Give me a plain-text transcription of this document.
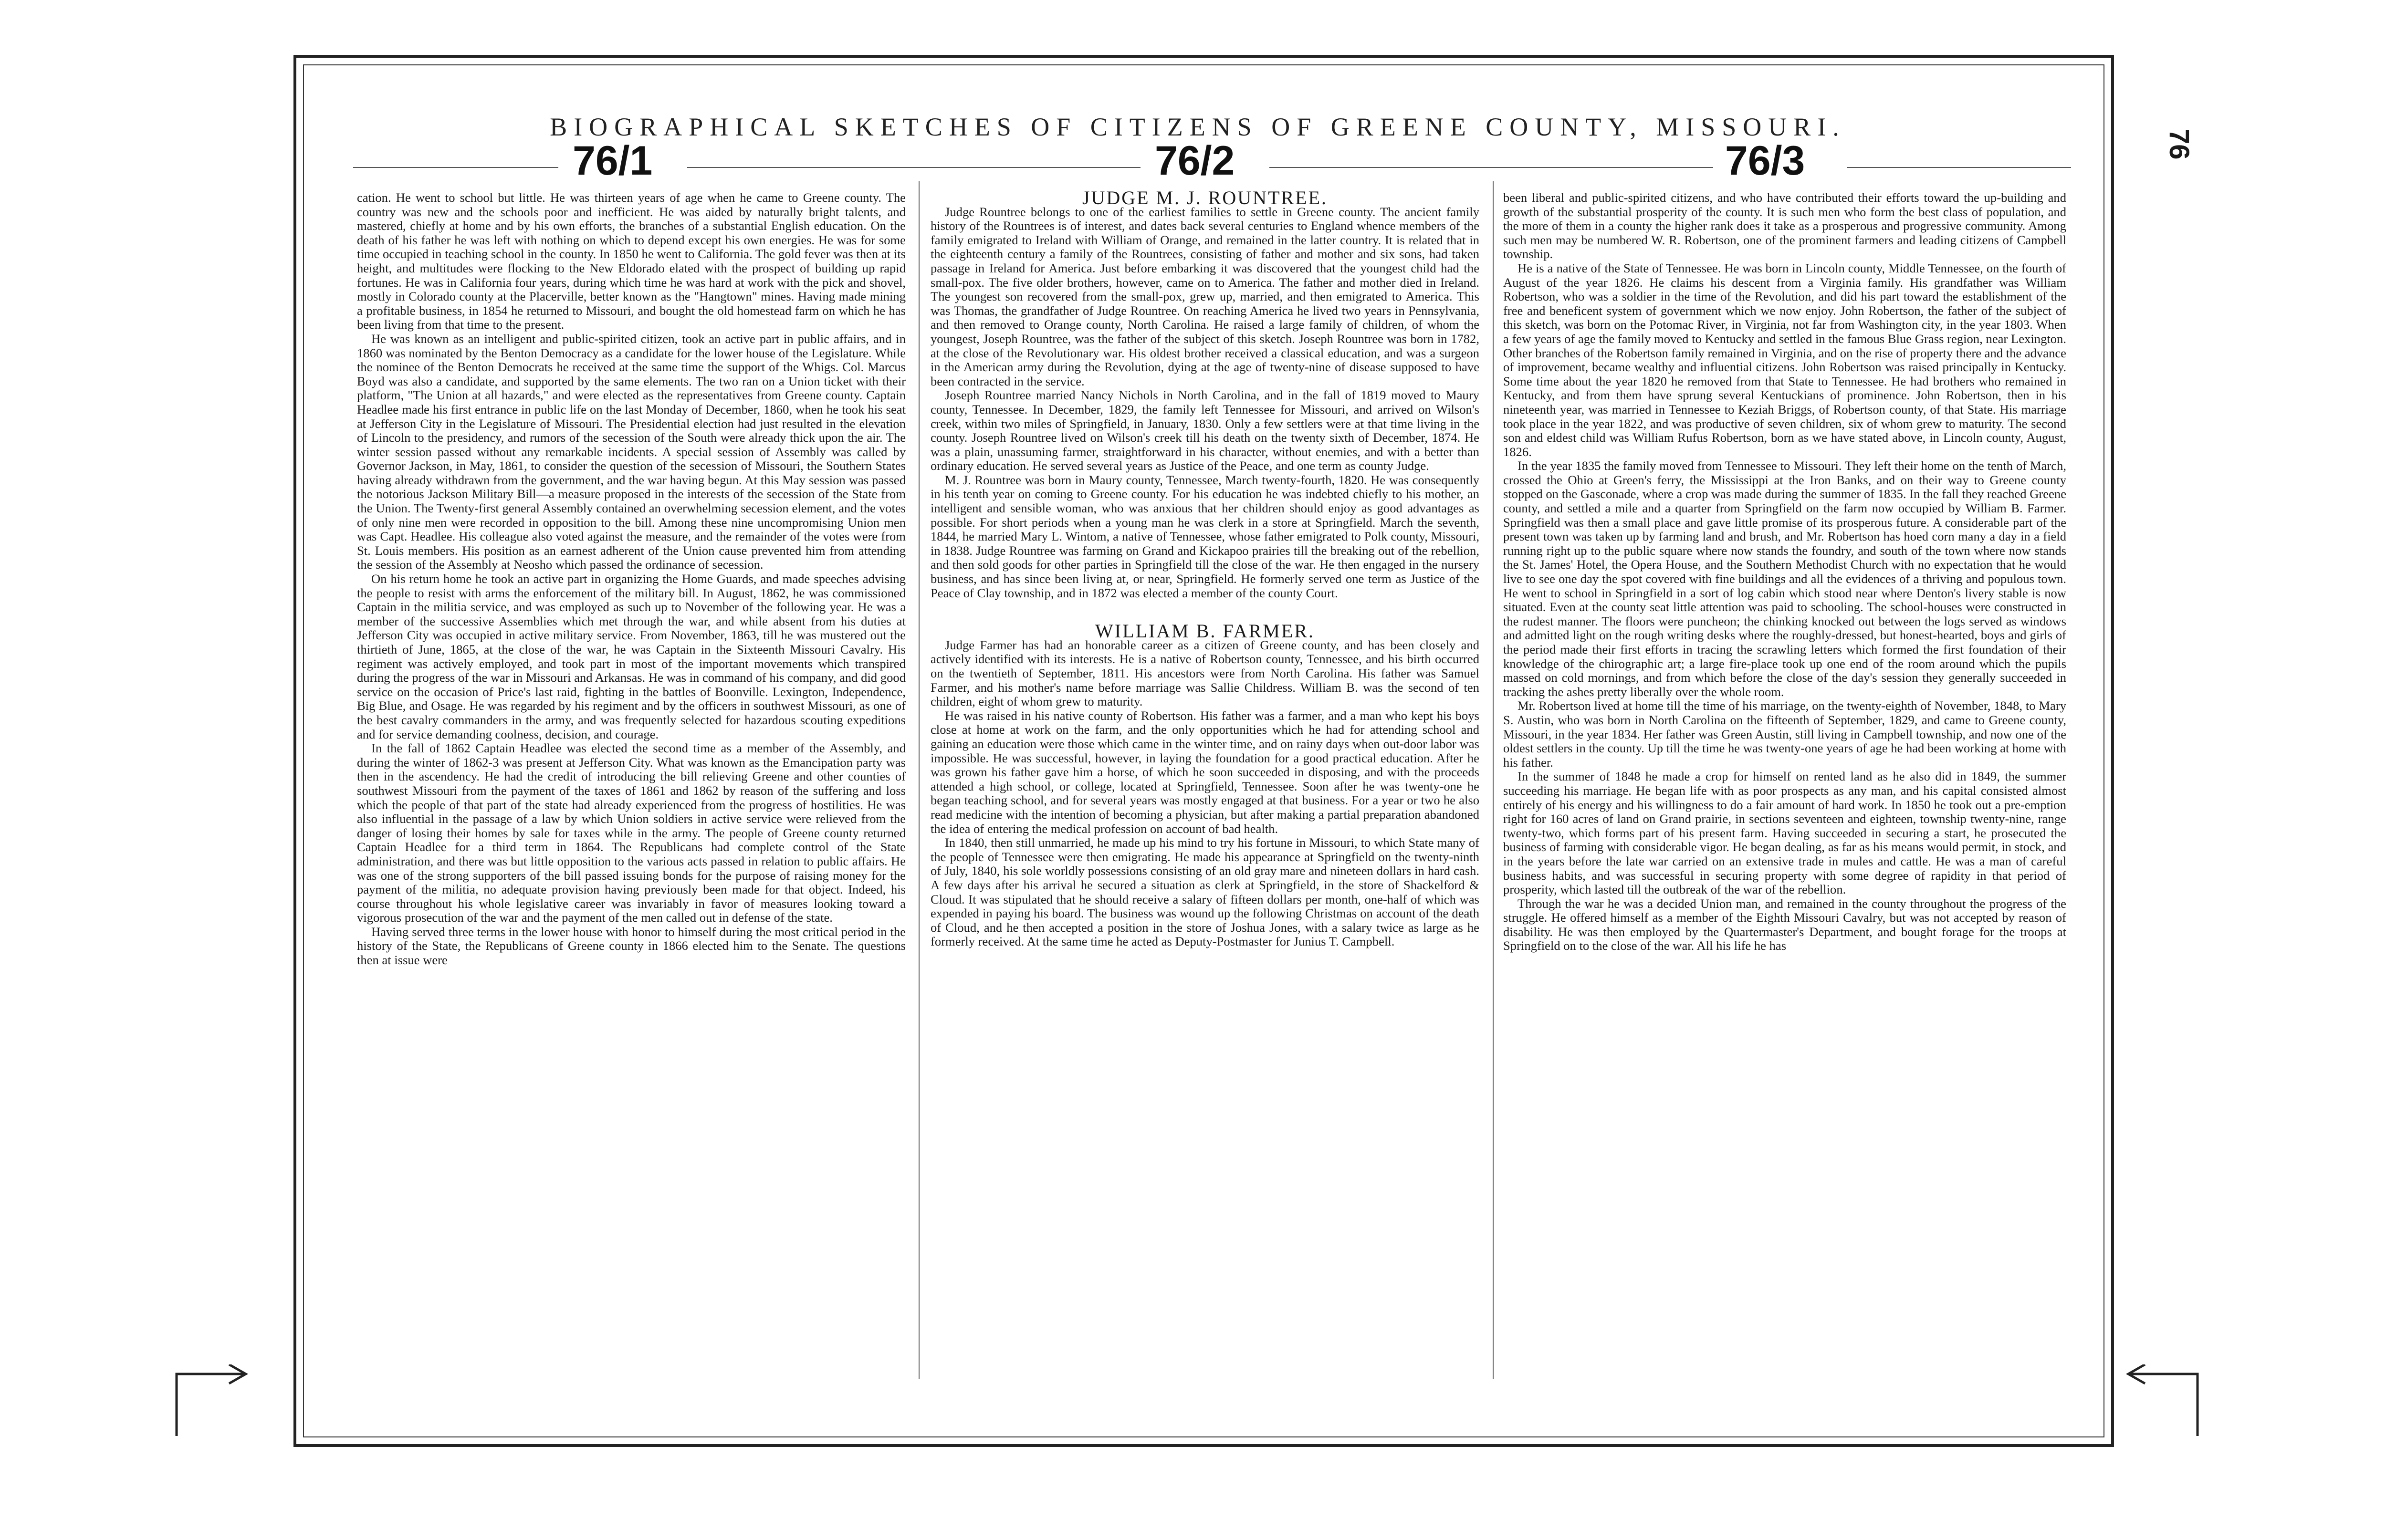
BIOGRAPHICAL SKETCHES OF CITIZENS OF GREENE COUNTY, MISSOURI.
76
76/1	76/2	76/3

cation. He went to school but little. He was thirteen years of age when he came to Greene county. The country was new and the schools poor and inefficient. He was aided by naturally bright talents, and mastered, chiefly at home and by his own efforts, the branches of a substantial English education. On the death of his father he was left with nothing on which to depend except his own energies. He was for some time occupied in teaching school in the county. In 1850 he went to California. The gold fever was then at its height, and multitudes were flocking to the New Eldorado elated with the prospect of building up rapid fortunes. He was in California four years, during which time he was hard at work with the pick and shovel, mostly in Colorado county at the Placerville, better known as the "Hangtown" mines. Having made mining a profitable business, in 1854 he returned to Missouri, and bought the old homestead farm on which he has been living from that time to the present.

He was known as an intelligent and public-spirited citizen, took an active part in public affairs, and in 1860 was nominated by the Benton Democracy as a candidate for the lower house of the Legislature. While the nominee of the Benton Democrats he received at the same time the support of the Whigs. Col. Marcus Boyd was also a candidate, and supported by the same elements. The two ran on a Union ticket with their platform, "The Union at all hazards," and were elected as the representatives from Greene county. Captain Headlee made his first entrance in public life on the last Monday of December, 1860, when he took his seat at Jefferson City in the Legislature of Missouri. The Presidential election had just resulted in the elevation of Lincoln to the presidency, and rumors of the secession of the South were already thick upon the air. The winter session passed without any remarkable incidents. A special session of Assembly was called by Governor Jackson, in May, 1861, to consider the question of the secession of Missouri, the Southern States having already withdrawn from the government, and the war having begun. At this May session was passed the notorious Jackson Military Bill—a measure proposed in the interests of the secession of the State from the Union. The Twenty-first general Assembly contained an overwhelming secession element, and the votes of only nine men were recorded in opposition to the bill. Among these nine uncompromising Union men was Capt. Headlee. His colleague also voted against the measure, and the remainder of the votes were from St. Louis members. His position as an earnest adherent of the Union cause prevented him from attending the session of the Assembly at Neosho which passed the ordinance of secession.

On his return home he took an active part in organizing the Home Guards, and made speeches advising the people to resist with arms the enforcement of the military bill. In August, 1862, he was commissioned Captain in the militia service, and was employed as such up to November of the following year. He was a member of the successive Assemblies which met through the war, and while absent from his duties at Jefferson City was occupied in active military service. From November, 1863, till he was mustered out the thirtieth of June, 1865, at the close of the war, he was Captain in the Sixteenth Missouri Cavalry. His regiment was actively employed, and took part in most of the important movements which transpired during the progress of the war in Missouri and Arkansas. He was in command of his company, and did good service on the occasion of Price's last raid, fighting in the battles of Boonville. Lexington, Independence, Big Blue, and Osage. He was regarded by his regiment and by the officers in southwest Missouri, as one of the best cavalry commanders in the army, and was frequently selected for hazardous scouting expeditions and for service demanding coolness, decision, and courage.

In the fall of 1862 Captain Headlee was elected the second time as a member of the Assembly, and during the winter of 1862-3 was present at Jefferson City. What was known as the Emancipation party was then in the ascendency. He had the credit of introducing the bill relieving Greene and other counties of southwest Missouri from the payment of the taxes of 1861 and 1862 by reason of the suffering and loss which the people of that part of the state had already experienced from the progress of hostilities. He was also influential in the passage of a law by which Union soldiers in active service were relieved from the danger of losing their homes by sale for taxes while in the army. The people of Greene county returned Captain Headlee for a third term in 1864. The Republicans had complete control of the State administration, and there was but little opposition to the various acts passed in relation to public affairs. He was one of the strong supporters of the bill passed issuing bonds for the purpose of raising money for the payment of the militia, no adequate provision having previously been made for that object. Indeed, his course throughout his whole legislative career was invariably in favor of measures looking toward a vigorous prosecution of the war and the payment of the men called out in defense of the state.

Having served three terms in the lower house with honor to himself during the most critical period in the history of the State, the Republicans of Greene county in 1866 elected him to the Senate. The questions then at issue were

JUDGE M. J. ROUNTREE.

Judge Rountree belongs to one of the earliest families to settle in Greene county. The ancient family history of the Rountrees is of interest, and dates back several centuries to England whence members of the family emigrated to Ireland with William of Orange, and remained in the latter country. It is related that in the eighteenth century a family of the Rountrees, consisting of father and mother and six sons, had taken passage in Ireland for America. Just before embarking it was discovered that the youngest child had the small-pox. The five older brothers, however, came on to America. The father and mother died in Ireland. The youngest son recovered from the small-pox, grew up, married, and then emigrated to America. This was Thomas, the grandfather of Judge Rountree. On reaching America he lived two years in Pennsylvania, and then removed to Orange county, North Carolina. He raised a large family of children, of whom the youngest, Joseph Rountree, was the father of the subject of this sketch. Joseph Rountree was born in 1782, at the close of the Revolutionary war. His oldest brother received a classical education, and was a surgeon in the American army during the Revolution, dying at the age of twenty-nine of disease supposed to have been contracted in the service.

Joseph Rountree married Nancy Nichols in North Carolina, and in the fall of 1819 moved to Maury county, Tennessee. In December, 1829, the family left Tennessee for Missouri, and arrived on Wilson's creek, within two miles of Springfield, in January, 1830. Only a few settlers were at that time living in the county. Joseph Rountree lived on Wilson's creek till his death on the twenty sixth of December, 1874. He was a plain, unassuming farmer, straightforward in his character, without enemies, and with a better than ordinary education. He served several years as Justice of the Peace, and one term as county Judge.

M. J. Rountree was born in Maury county, Tennessee, March twenty-fourth, 1820. He was consequently in his tenth year on coming to Greene county. For his education he was indebted chiefly to his mother, an intelligent and sensible woman, who was anxious that her children should enjoy as good advantages as possible. For short periods when a young man he was clerk in a store at Springfield. March the seventh, 1844, he married Mary L. Wintom, a native of Tennessee, whose father emigrated to Polk county, Missouri, in 1838. Judge Rountree was farming on Grand and Kickapoo prairies till the breaking out of the rebellion, and then sold goods for other parties in Springfield till the close of the war. He then engaged in the nursery business, and has since been living at, or near, Springfield. He formerly served one term as Justice of the Peace of Clay township, and in 1872 was elected a member of the county Court.

WILLIAM B. FARMER.

Judge Farmer has had an honorable career as a citizen of Greene county, and has been closely and actively identified with its interests. He is a native of Robertson county, Tennessee, and his birth occurred on the twentieth of September, 1811. His ancestors were from North Carolina. His father was Samuel Farmer, and his mother's name before marriage was Sallie Childress. William B. was the second of ten children, eight of whom grew to maturity.

He was raised in his native county of Robertson. His father was a farmer, and a man who kept his boys close at home at work on the farm, and the only opportunities which he had for attending school and gaining an education were those which came in the winter time, and on rainy days when out-door labor was impossible. He was successful, however, in laying the foundation for a good practical education. After he was grown his father gave him a horse, of which he soon succeeded in disposing, and with the proceeds attended a high school, or college, located at Springfield, Tennessee. Soon after he was twenty-one he began teaching school, and for several years was mostly engaged at that business. For a year or two he also read medicine with the intention of becoming a physician, but after making a partial preparation abandoned the idea of entering the medical profession on account of bad health.

In 1840, then still unmarried, he made up his mind to try his fortune in Missouri, to which State many of the people of Tennessee were then emigrating. He made his appearance at Springfield on the twenty-ninth of July, 1840, his sole worldly possessions consisting of an old gray mare and nineteen dollars in hard cash. A few days after his arrival he secured a situation as clerk at Springfield, in the store of Shackelford & Cloud. It was stipulated that he should receive a salary of fifteen dollars per month, one-half of which was expended in paying his board. The business was wound up the following Christmas on account of the death of Cloud, and he then accepted a position in the store of Joshua Jones, with a salary twice as large as he formerly received. At the same time he acted as Deputy-Postmaster for Junius T. Campbell.

been liberal and public-spirited citizens, and who have contributed their efforts toward the up-building and growth of the substantial prosperity of the county. It is such men who form the best class of population, and the more of them in a county the higher rank does it take as a prosperous and progressive community. Among such men may be numbered W. R. Robertson, one of the prominent farmers and leading citizens of Campbell township.

He is a native of the State of Tennessee. He was born in Lincoln county, Middle Tennessee, on the fourth of August of the year 1826. He claims his descent from a Virginia family. His grandfather was William Robertson, who was a soldier in the time of the Revolution, and did his part toward the establishment of the free and beneficent system of government which we now enjoy. John Robertson, the father of the subject of this sketch, was born on the Potomac River, in Virginia, not far from Washington city, in the year 1803. When a few years of age the family moved to Kentucky and settled in the famous Blue Grass region, near Lexington. Other branches of the Robertson family remained in Virginia, and on the rise of property there and the advance of improvement, became wealthy and influential citizens. John Robertson was raised principally in Kentucky. Some time about the year 1820 he removed from that State to Tennessee. He had brothers who remained in Kentucky, and from them have sprung several Kentuckians of prominence. John Robertson, then in his nineteenth year, was married in Tennessee to Keziah Briggs, of Robertson county, of that State. His marriage took place in the year 1822, and was productive of seven children, six of whom grew to maturity. The second son and eldest child was William Rufus Robertson, born as we have stated above, in Lincoln county, August, 1826.

In the year 1835 the family moved from Tennessee to Missouri. They left their home on the tenth of March, crossed the Ohio at Green's ferry, the Mississippi at the Iron Banks, and on their way to Greene county stopped on the Gasconade, where a crop was made during the summer of 1835. In the fall they reached Greene county, and settled a mile and a quarter from Springfield on the farm now occupied by William B. Farmer. Springfield was then a small place and gave little promise of its prosperous future. A considerable part of the present town was taken up by farming land and brush, and Mr. Robertson has hoed corn many a day in a field running right up to the public square where now stands the foundry, and south of the town where now stands the St. James' Hotel, the Opera House, and the Southern Methodist Church with no expectation that he would live to see one day the spot covered with fine buildings and all the evidences of a thriving and populous town. He went to school in Springfield in a sort of log cabin which stood near where Denton's livery stable is now situated. Even at the county seat little attention was paid to schooling. The school-houses were constructed in the rudest manner. The floors were puncheon; the chinking knocked out between the logs served as windows and admitted light on the rough writing desks where the roughly-dressed, but honest-hearted, boys and girls of the period made their first efforts in tracing the scrawling letters which formed the first foundation of their knowledge of the chirographic art; a large fire-place took up one end of the room around which the pupils massed on cold mornings, and from which before the close of the day's session they generally succeeded in tracking the ashes pretty liberally over the whole room.

Mr. Robertson lived at home till the time of his marriage, on the twenty-eighth of November, 1848, to Mary S. Austin, who was born in North Carolina on the fifteenth of September, 1829, and came to Greene county, Missouri, in the year 1834. Her father was Green Austin, still living in Campbell township, and now one of the oldest settlers in the county. Up till the time he was twenty-one years of age he had been working at home with his father.

In the summer of 1848 he made a crop for himself on rented land as he also did in 1849, the summer succeeding his marriage. He began life with as poor prospects as any man, and his capital consisted almost entirely of his energy and his willingness to do a fair amount of hard work. In 1850 he took out a pre-emption right for 160 acres of land on Grand prairie, in sections seventeen and eighteen, township twenty-nine, range twenty-two, which forms part of his present farm. Having succeeded in securing a start, he prosecuted the business of farming with considerable vigor. He began dealing, as far as his means would permit, in stock, and in the years before the late war carried on an extensive trade in mules and cattle. He was a man of careful business habits, and was successful in securing property with some degree of rapidity in that period of prosperity, which lasted till the outbreak of the war of the rebellion.

Through the war he was a decided Union man, and remained in the county throughout the progress of the struggle. He offered himself as a member of the Eighth Missouri Cavalry, but was not accepted by reason of disability. He was then employed by the Quartermaster's Department, and bought forage for the troops at Springfield on to the close of the war. All his life he has
